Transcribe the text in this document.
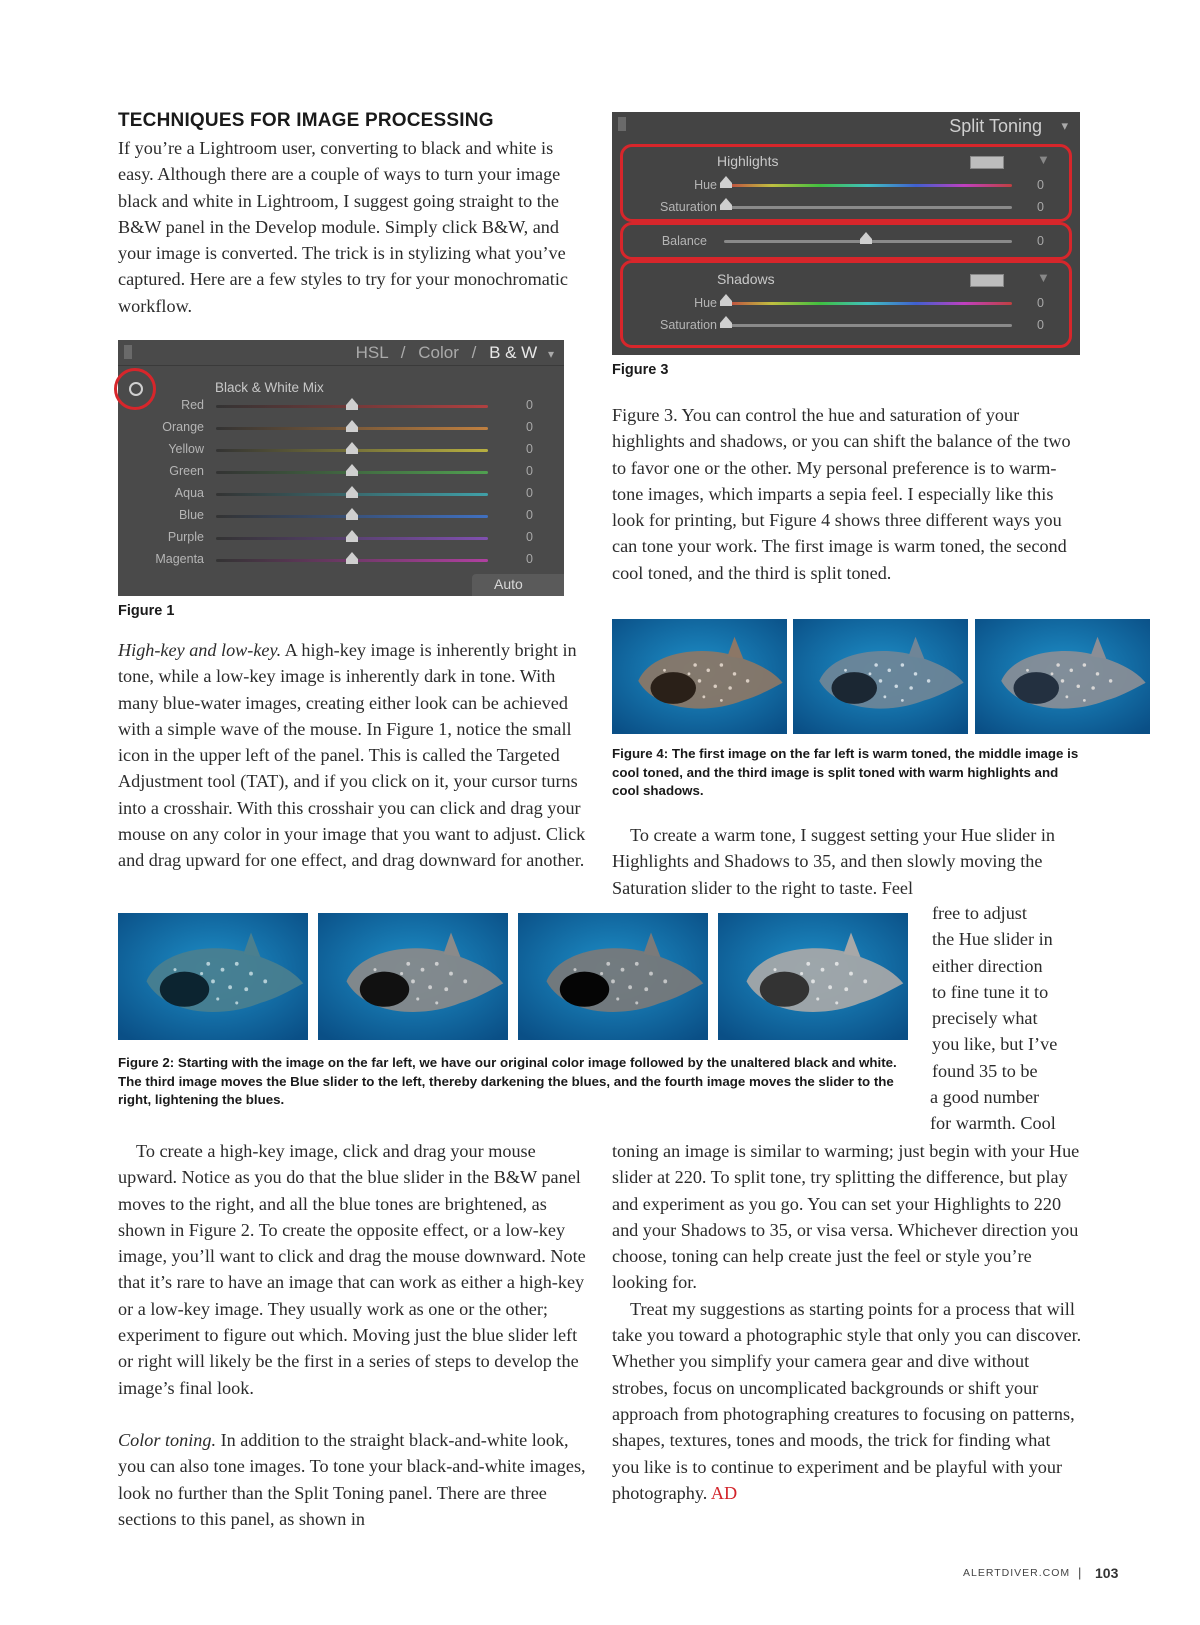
TECHNIQUES FOR IMAGE PROCESSING

If you’re a Lightroom user, converting to black and white is easy. Although there are a couple of ways to turn your image black and white in Lightroom, I suggest going straight to the B&W panel in the Develop module. Simply click B&W, and your image is converted. The trick is in stylizing what you’ve captured. Here are a few styles to try for your monochromatic workflow.

HSL / Color / B & W ▾
Black & White Mix
Red	0
Orange	0
Yellow	0
Green	0
Aqua	0
Blue	0
Purple	0
Magenta	0
Auto
Figure 1

High-key and low-key. A high-key image is inherently bright in tone, while a low-key image is inherently dark in tone. With many blue-water images, creating either look can be achieved with a simple wave of the mouse. In Figure 1, notice the small icon in the upper left of the panel. This is called the Targeted Adjustment tool (TAT), and if you click on it, your cursor turns into a crosshair. With this crosshair you can click and drag your mouse on any color in your image that you want to adjust. Click and drag upward for one effect, and drag downward for another.

Figure 2: Starting with the image on the far left, we have our original color image followed by the unaltered black and white. The third image moves the Blue slider to the left, thereby darkening the blues, and the fourth image moves the slider to the right, lightening the blues.

To create a high-key image, click and drag your mouse upward. Notice as you do that the blue slider in the B&W panel moves to the right, and all the blue tones are brightened, as shown in Figure 2. To create the opposite effect, or a low-key image, you’ll want to click and drag the mouse downward. Note that it’s rare to have an image that can work as either a high-key or a low-key image. They usually work as one or the other; experiment to figure out which. Moving just the blue slider left or right will likely be the first in a series of steps to develop the image’s final look.

Color toning. In addition to the straight black-and-white look, you can also tone images. To tone your black-and-white images, look no further than the Split Toning panel. There are three sections to this panel, as shown in

Split Toning ▾
Highlights	▼
Hue	0
Saturation	0
Balance	0
Shadows	▼
Hue	0
Saturation	0
Figure 3

Figure 3. You can control the hue and saturation of your highlights and shadows, or you can shift the balance of the two to favor one or the other. My personal preference is to warm-tone images, which imparts a sepia feel. I especially like this look for printing, but Figure 4 shows three different ways you can tone your work. The first image is warm toned, the second cool toned, and the third is split toned.

Figure 4: The first image on the far left is warm toned, the middle image is cool toned, and the third image is split toned with warm highlights and cool shadows.

To create a warm tone, I suggest setting your Hue slider in Highlights and Shadows to 35, and then slowly moving the Saturation slider to the right to taste. Feel

free to adjust
the Hue slider in
either direction
to fine tune it to
precisely what
you like, but I’ve
found 35 to be
a good number
for warmth. Cool

toning an image is similar to warming; just begin with your Hue slider at 220. To split tone, try splitting the difference, but play and experiment as you go. You can set your Highlights to 220 and your Shadows to 35, or visa versa. Whichever direction you choose, toning can help create just the feel or style you’re looking for.

Treat my suggestions as starting points for a process that will take you toward a photographic style that only you can discover. Whether you simplify your camera gear and dive without strobes, focus on uncomplicated backgrounds or shift your approach from photographing creatures to focusing on patterns, shapes, textures, tones and moods, the trick for finding what you like is to continue to experiment and be playful with your photography. AD

ALERTDIVER.COM | 103
